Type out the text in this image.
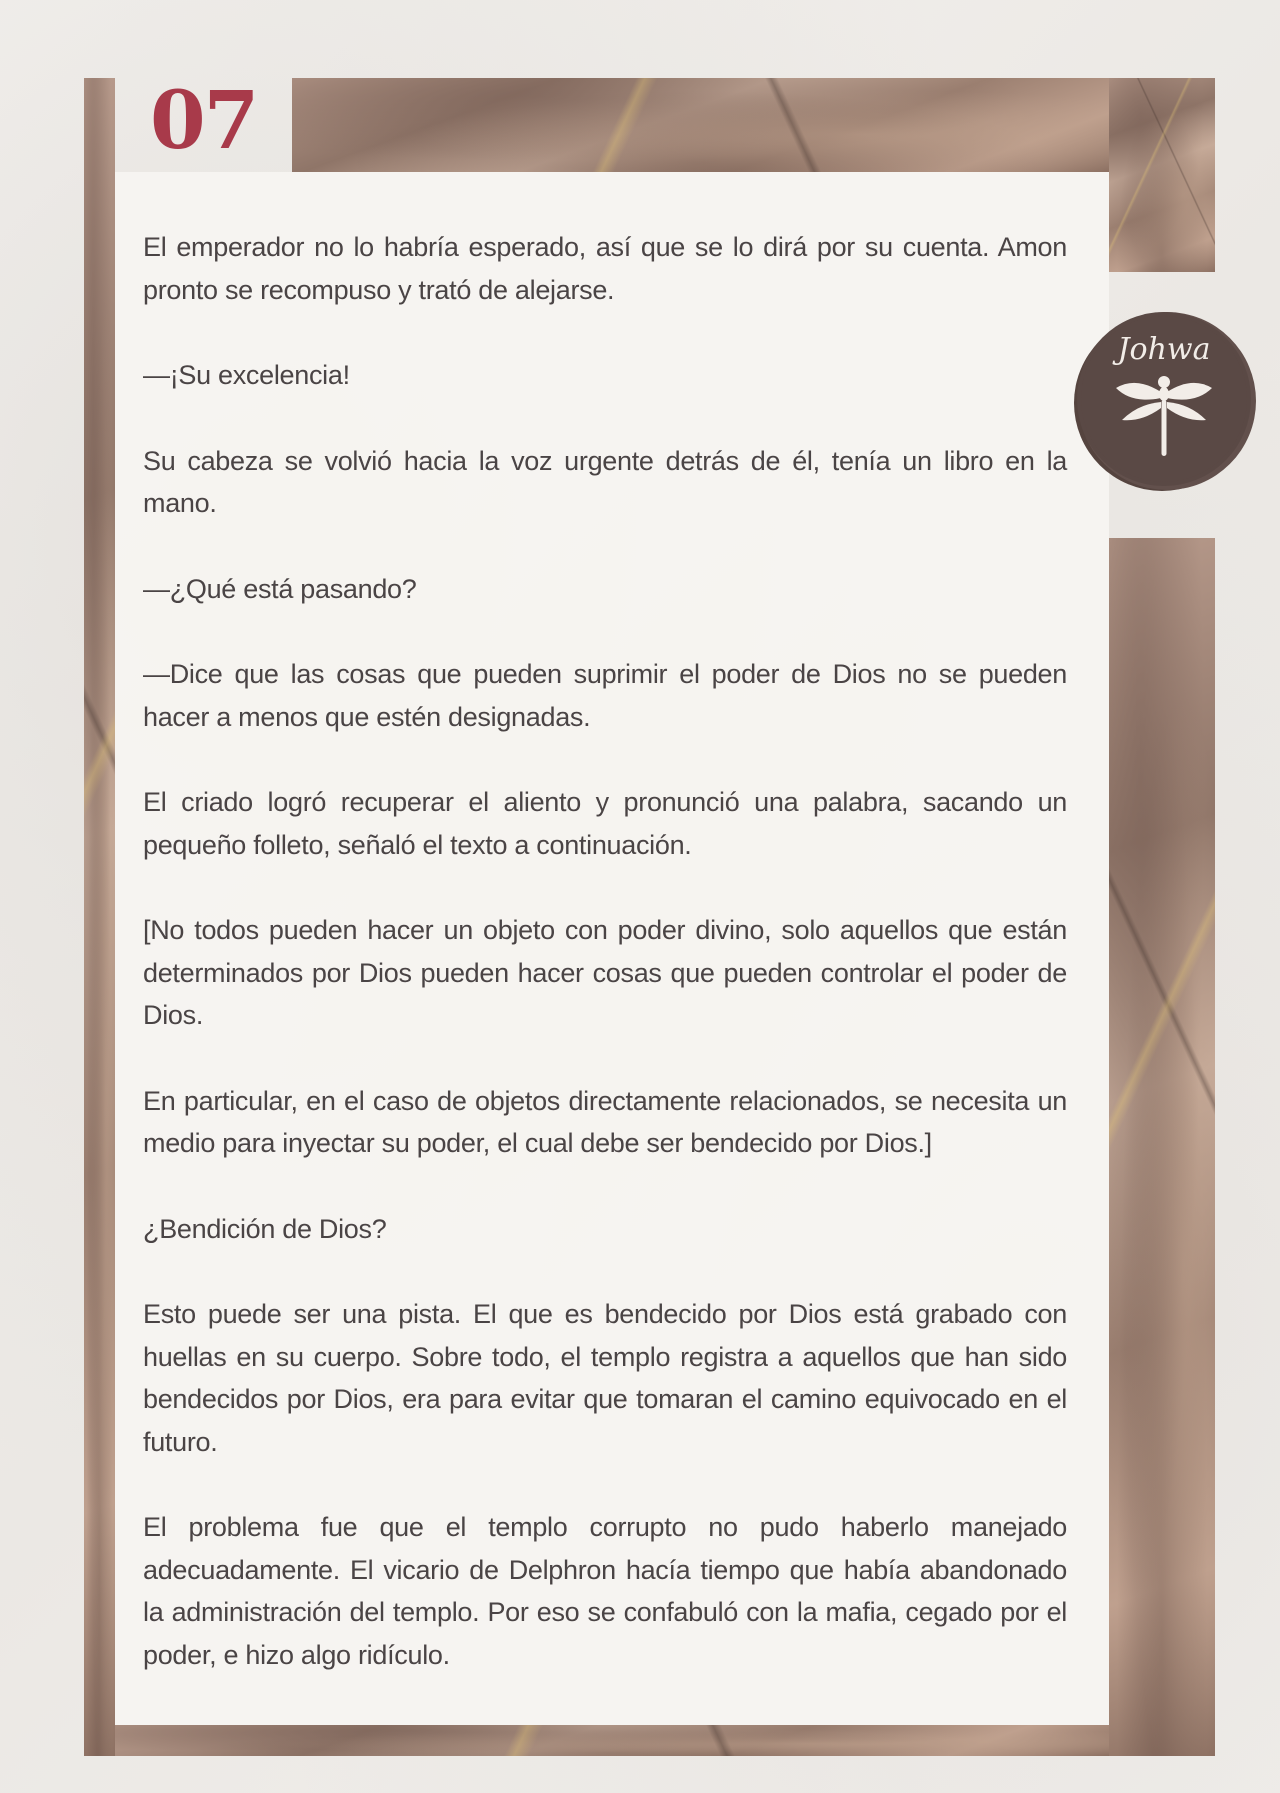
07
Johwa

El emperador no lo habría esperado, así que se lo dirá por su cuenta. Amon pronto se recompuso y trató de alejarse.

—¡Su excelencia!

Su cabeza se volvió hacia la voz urgente detrás de él, tenía un libro en la mano.

—¿Qué está pasando?

—Dice que las cosas que pueden suprimir el poder de Dios no se pueden hacer a menos que estén designadas.

El criado logró recuperar el aliento y pronunció una palabra, sacando un pequeño folleto, señaló el texto a continuación.

[No todos pueden hacer un objeto con poder divino, solo aquellos que están determinados por Dios pueden hacer cosas que pueden controlar el poder de Dios.

En particular, en el caso de objetos directamente relacionados, se necesita un medio para inyectar su poder, el cual debe ser bendecido por Dios.]

¿Bendición de Dios?

Esto puede ser una pista. El que es bendecido por Dios está grabado con huellas en su cuerpo. Sobre todo, el templo registra a aquellos que han sido bendecidos por Dios, era para evitar que tomaran el camino equivocado en el futuro.

El problema fue que el templo corrupto no pudo haberlo manejado adecuadamente. El vicario de Delphron hacía tiempo que había abandonado la administración del templo. Por eso se confabuló con la mafia, cegado por el poder, e hizo algo ridículo.
